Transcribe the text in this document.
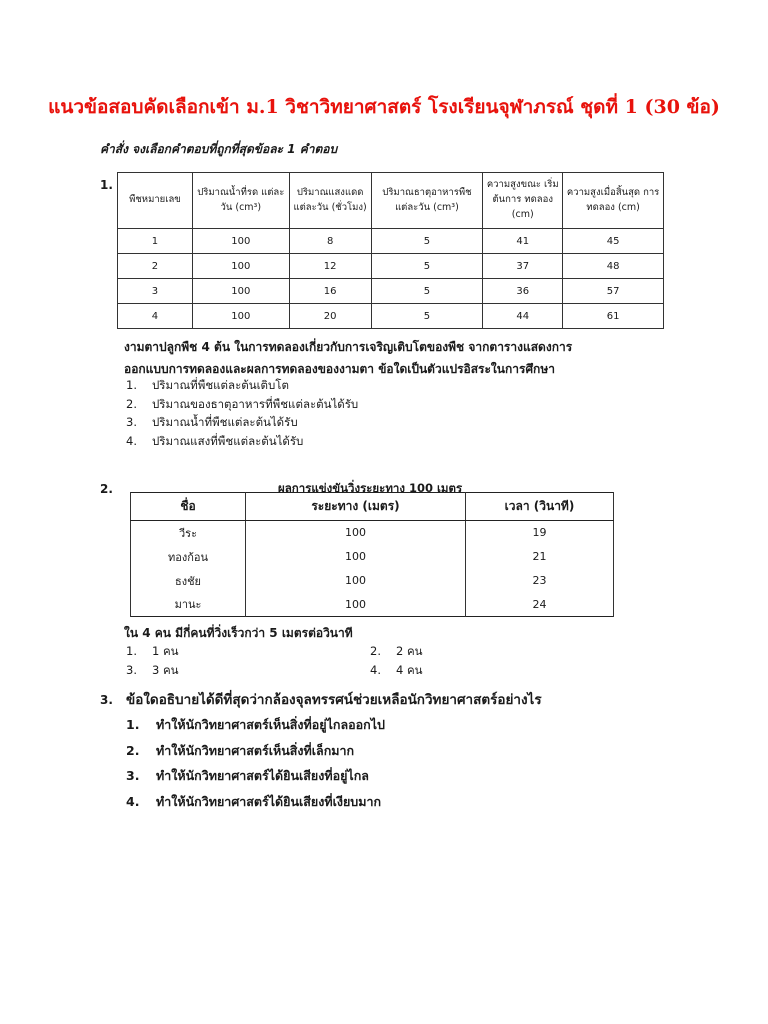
แนวข้อสอบคัดเลือกเข้า ม.1 วิชาวิทยาศาสตร์ โรงเรียนจุฬาภรณ์ ชุดที่ 1 (30 ข้อ)
คำสั่ง จงเลือกคำตอบที่ถูกที่สุดข้อละ 1 คำตอบ
1.
พืชหมายเลข	ปริมาณน้ำที่รด แต่ละวัน (cm³)	ปริมาณแสงแดด แต่ละวัน (ชั่วโมง)	ปริมาณธาตุอาหารพืช แต่ละวัน (cm³)	ความสูงขณะ เริ่มต้นการ ทดลอง (cm)	ความสูงเมื่อสิ้นสุด การทดลอง (cm)
1	100	8	5	41	45
2	100	12	5	37	48
3	100	16	5	36	57
4	100	20	5	44	61
งามตาปลูกพืช 4 ต้น ในการทดลองเกี่ยวกับการเจริญเติบโตของพืช จากตารางแสดงการ
ออกแบบการทดลองและผลการทดลองของงามตา ข้อใดเป็นตัวแปรอิสระในการศึกษา
1. ปริมาณที่พืชแต่ละต้นเติบโต
2. ปริมาณของธาตุอาหารที่พืชแต่ละต้นได้รับ
3. ปริมาณน้ำที่พืชแต่ละต้นได้รับ
4. ปริมาณแสงที่พืชแต่ละต้นได้รับ
2.	ผลการแข่งขันวิ่งระยะทาง 100 เมตร
ชื่อ	ระยะทาง (เมตร)	เวลา (วินาที)
วีระ	100	19
ทองก้อน	100	21
ธงชัย	100	23
มานะ	100	24
ใน 4 คน มีกี่คนที่วิ่งเร็วกว่า 5 เมตรต่อวินาที
1. 1 คน	2. 2 คน
3. 3 คน	4. 4 คน
3. ข้อใดอธิบายได้ดีที่สุดว่ากล้องจุลทรรศน์ช่วยเหลือนักวิทยาศาสตร์อย่างไร
1. ทำให้นักวิทยาศาสตร์เห็นสิ่งที่อยู่ไกลออกไป
2. ทำให้นักวิทยาศาสตร์เห็นสิ่งที่เล็กมาก
3. ทำให้นักวิทยาศาสตร์ได้ยินเสียงที่อยู่ไกล
4. ทำให้นักวิทยาศาสตร์ได้ยินเสียงที่เงียบมาก
